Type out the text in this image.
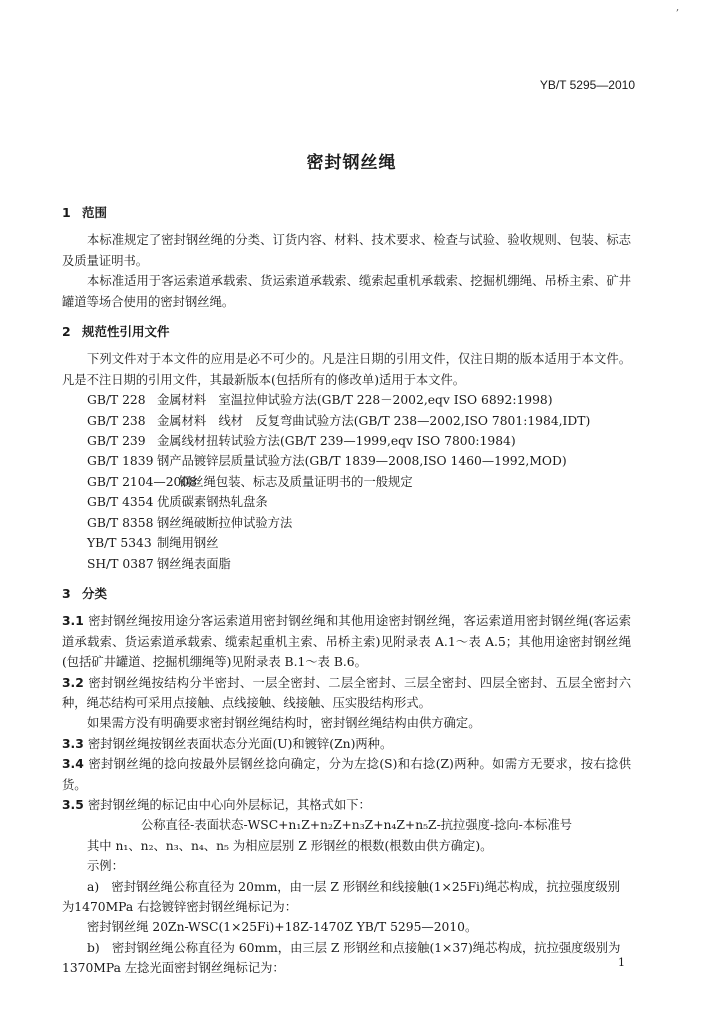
,
YB/T 5295—2010
密封钢丝绳

1 范围

本标准规定了密封钢丝绳的分类、订货内容、材料、技术要求、检查与试验、验收规则、包装、标志及质量证明书。

本标准适用于客运索道承载索、货运索道承载索、缆索起重机承载索、挖掘机绷绳、吊桥主索、矿井罐道等场合使用的密封钢丝绳。

2 规范性引用文件

下列文件对于本文件的应用是必不可少的。凡是注日期的引用文件，仅注日期的版本适用于本文件。凡是不注日期的引用文件，其最新版本(包括所有的修改单)适用于本文件。

GB/T 228 金属材料　室温拉伸试验方法(GB/T 228－2002,eqv ISO 6892:1998)
GB/T 238 金属材料　线材　反复弯曲试验方法(GB/T 238—2002,ISO 7801:1984,IDT)
GB/T 239 金属线材扭转试验方法(GB/T 239—1999,eqv ISO 7800:1984)
GB/T 1839 钢产品镀锌层质量试验方法(GB/T 1839—2008,ISO 1460—1992,MOD)
GB/T 2104—2008钢丝绳包装、标志及质量证明书的一般规定
GB/T 4354 优质碳素钢热轧盘条
GB/T 8358 钢丝绳破断拉伸试验方法
YB/T 5343 制绳用钢丝
SH/T 0387 钢丝绳表面脂

3 分类

3.1 密封钢丝绳按用途分客运索道用密封钢丝绳和其他用途密封钢丝绳，客运索道用密封钢丝绳(客运索道承载索、货运索道承载索、缆索起重机主索、吊桥主索)见附录表 A.1～表 A.5；其他用途密封钢丝绳(包括矿井罐道、挖掘机绷绳等)见附录表 B.1～表 B.6。

3.2 密封钢丝绳按结构分半密封、一层全密封、二层全密封、三层全密封、四层全密封、五层全密封六种，绳芯结构可采用点接触、点线接触、线接触、压实股结构形式。

如果需方没有明确要求密封钢丝绳结构时，密封钢丝绳结构由供方确定。

3.3 密封钢丝绳按钢丝表面状态分光面(U)和镀锌(Zn)两种。

3.4 密封钢丝绳的捻向按最外层钢丝捻向确定，分为左捻(S)和右捻(Z)两种。如需方无要求，按右捻供货。

3.5 密封钢丝绳的标记由中心向外层标记，其格式如下：

公称直径-表面状态-WSC+n₁Z+n₂Z+n₃Z+n₄Z+n₅Z-抗拉强度-捻向-本标准号

其中 n₁、n₂、n₃、n₄、n₅ 为相应层别 Z 形钢丝的根数(根数由供方确定)。

示例：

a)　密封钢丝绳公称直径为 20mm，由一层 Z 形钢丝和线接触(1×25Fi)绳芯构成，抗拉强度级别为1470MPa 右捻镀锌密封钢丝绳标记为：

密封钢丝绳 20Zn-WSC(1×25Fi)+18Z-1470Z YB/T 5295—2010。

b)　密封钢丝绳公称直径为 60mm，由三层 Z 形钢丝和点接触(1×37)绳芯构成，抗拉强度级别为1370MPa 左捻光面密封钢丝绳标记为：	1
